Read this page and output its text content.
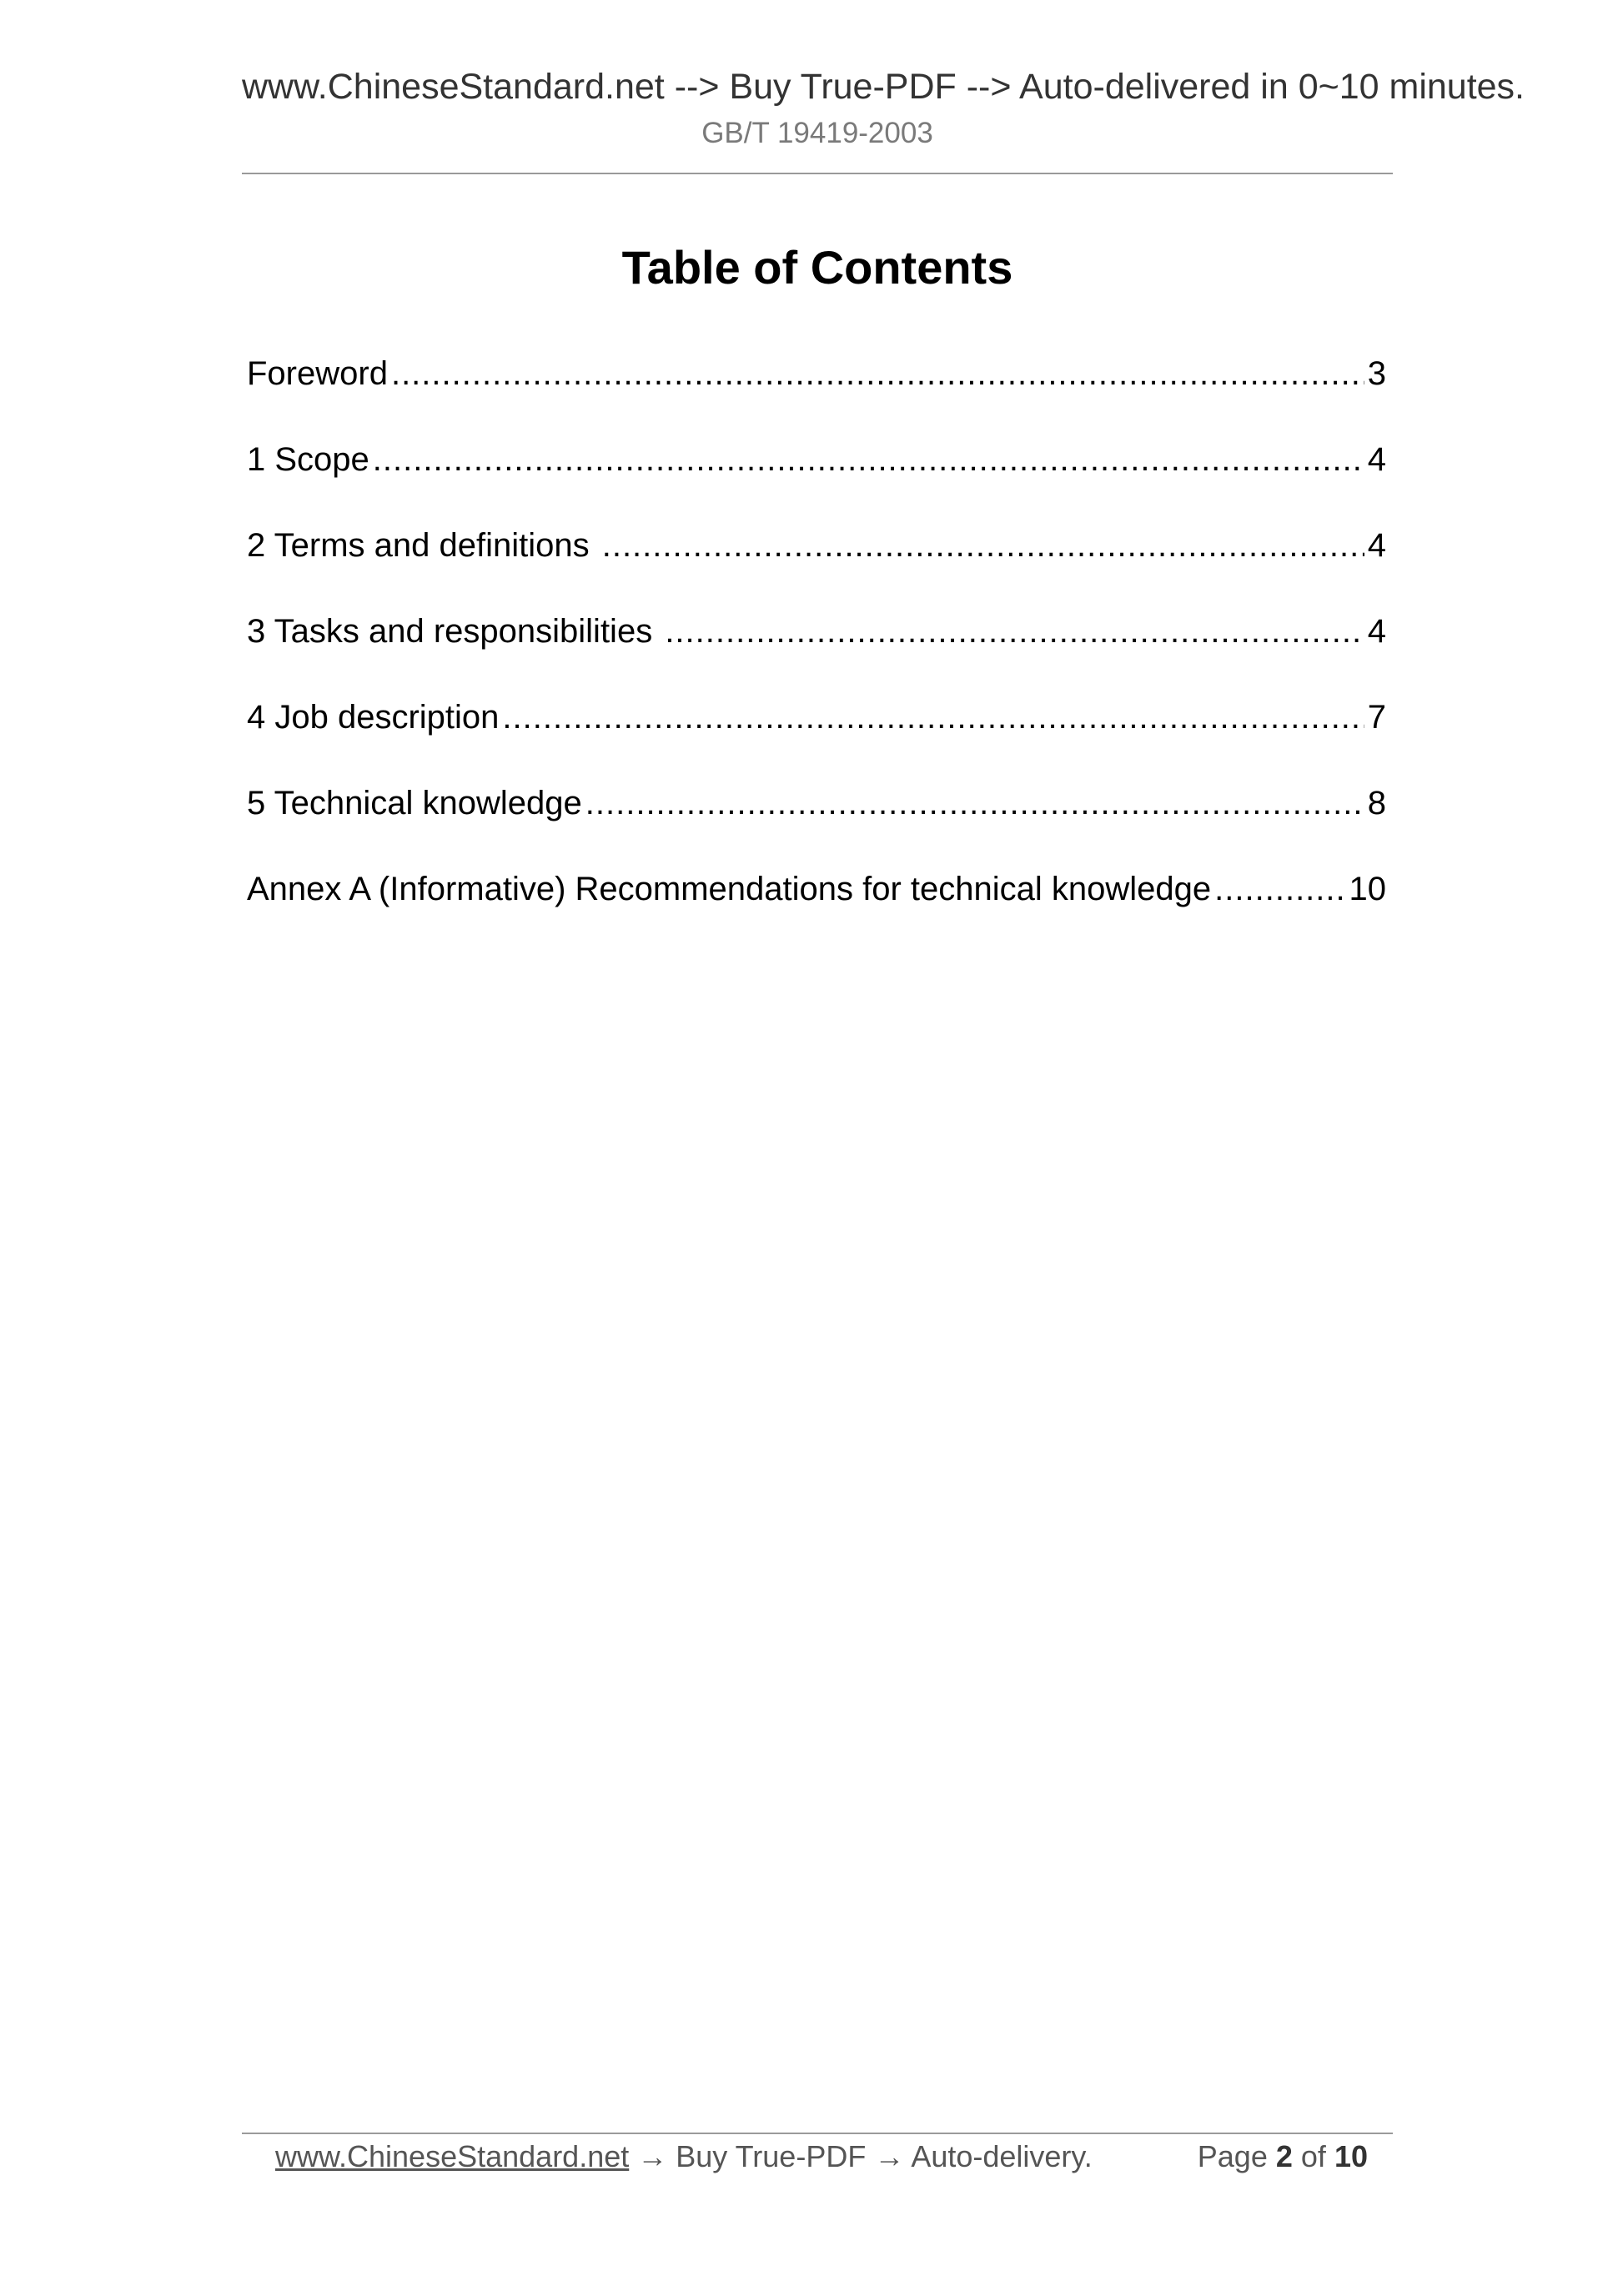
www.ChineseStandard.net --> Buy True-PDF --> Auto-delivered in 0~10 minutes.
GB/T 19419-2003
Table of Contents
Foreword .....	3
1 Scope .....	4
2 Terms and definitions .....	4
3 Tasks and responsibilities .....	4
4 Job description .....	7
5 Technical knowledge .....	8
Annex A (Informative) Recommendations for technical knowledge .....	10
www.ChineseStandard.net → Buy True-PDF → Auto-delivery.	Page 2 of 10
